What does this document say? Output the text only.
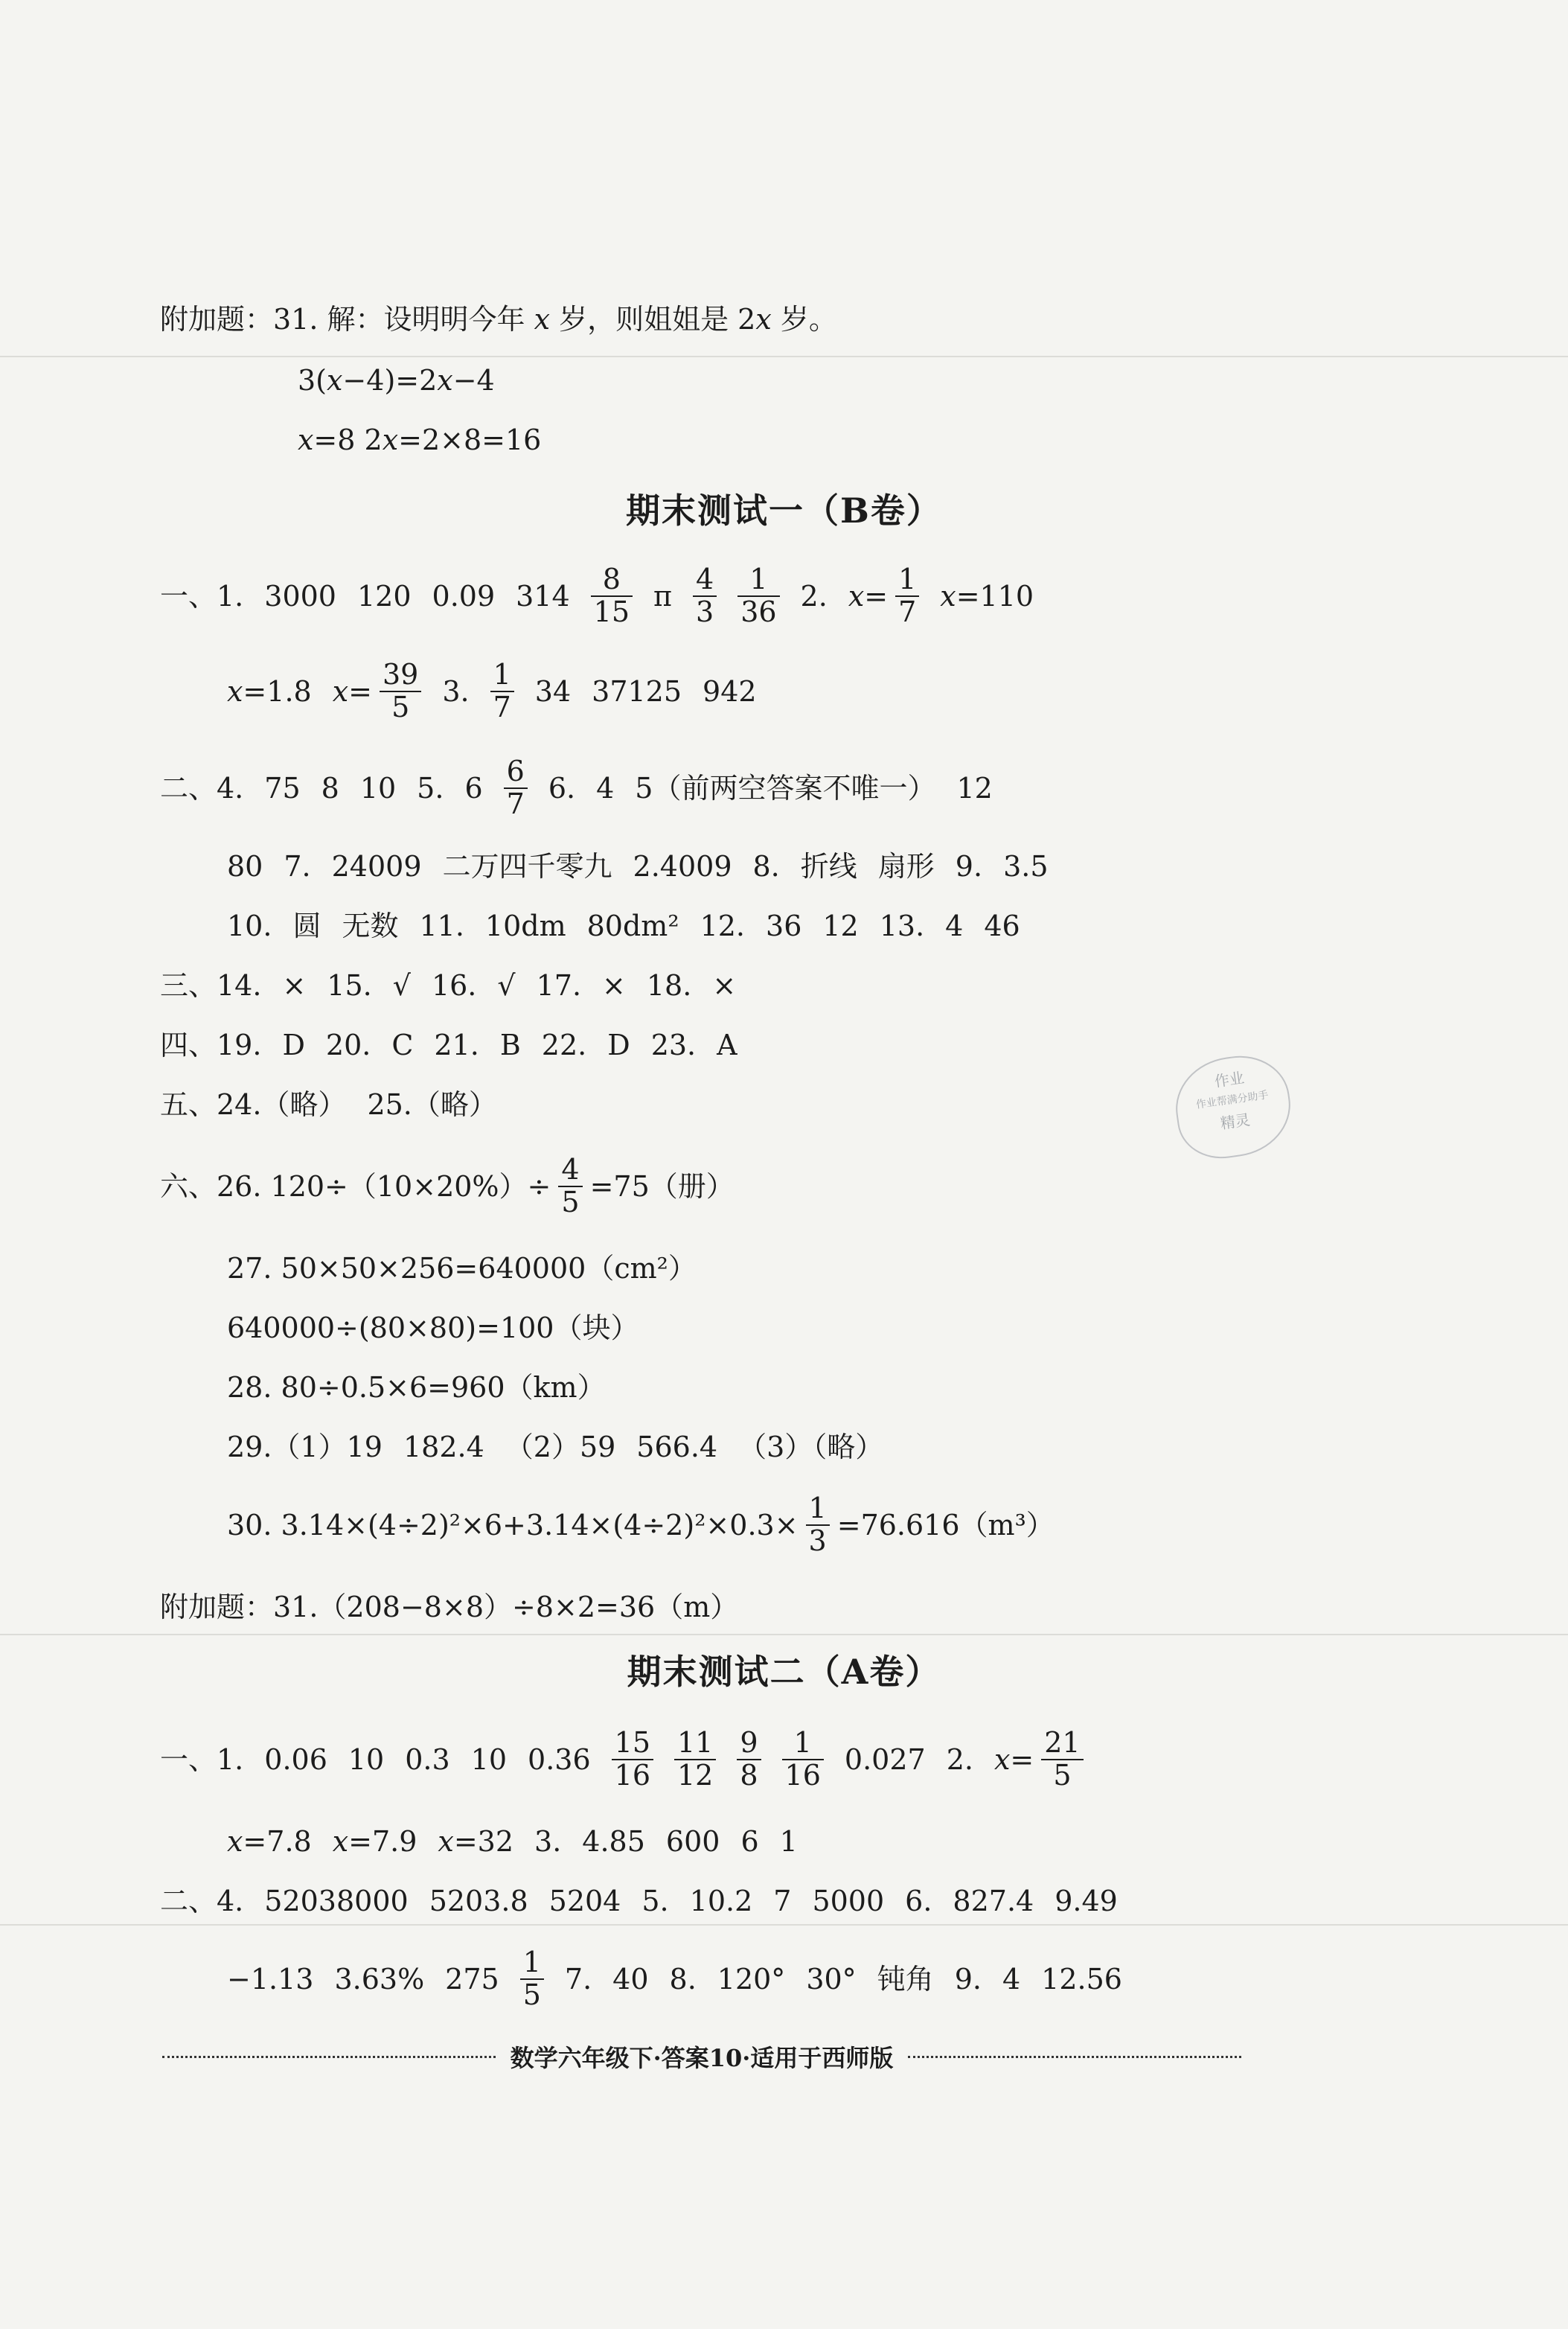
附加题：31. 解：设明明今年 𝑥 岁，则姐姐是 2𝑥 岁。
3(𝑥−4)=2𝑥−4
𝑥=8 2𝑥=2×8=16
一、1. 3000 120 0.09 $314 \frac{8}{15}$ π $\frac{4}{3} \frac{1}{36} 2$. 𝑥= $\frac{1}{7}$ 𝑥=110
𝑥=1.8 𝑥= $\frac{39}{5} 3$. $\frac{1}{7} 34$ 37125 942
二、4. 75 8 10 5. $6 \frac{6}{7} 6$. 4 5（前两空答案不唯一） 12
80 7. 24009 二万四千零九 2.4009 8. 折线 扇形 9. 3.5
10. 圆 无数 11. 10dm 80dm² 12. 36 12 13. 4 46
三、14. × 15. √ 16. √ 17. × 18. ×
四、19. D 20. C 21. B 22. D 23. A
五、24.（略） 25.（略）
六、26. $120\div(10\times 20\%)\div \frac{4}{5} =75$（册）
27. 50×50×256=640000（cm²）
640000÷(80×80)=100（块）
28. 80÷0.5×6=960（km）
29.（1）19 182.4 （2）59 566.4 （3）（略）
30. $3.14\times(4\div 2)^2\times 6+3.14\times(4\div 2)^2\times 0.3\times \frac{1}{3} =76.616(m^3)$
附加题：31.（208−8×8）÷8×2=36（m）
一、1. 0.06 10 0.3 10 $0.36 \frac{15}{16} \frac{11}{12} \frac{9}{8} \frac{1}{16} 0.027$ 2. 𝑥= $\frac{21}{5}$
𝑥=7.8 𝑥=7.9 𝑥=32 3. 4.85 600 6 1
二、4. 52038000 5203.8 5204 5. 10.2 7 5000 6. 827.4 9.49
−1.13 3.63% $275 \frac{1}{5} 7$. 40 8. 120° 30° 钝角 9. 4 12.56
期末测试一（B卷）
期末测试二（A卷）
作业
作业帮满分助手
精灵
数学六年级下·答案10·适用于西师版
